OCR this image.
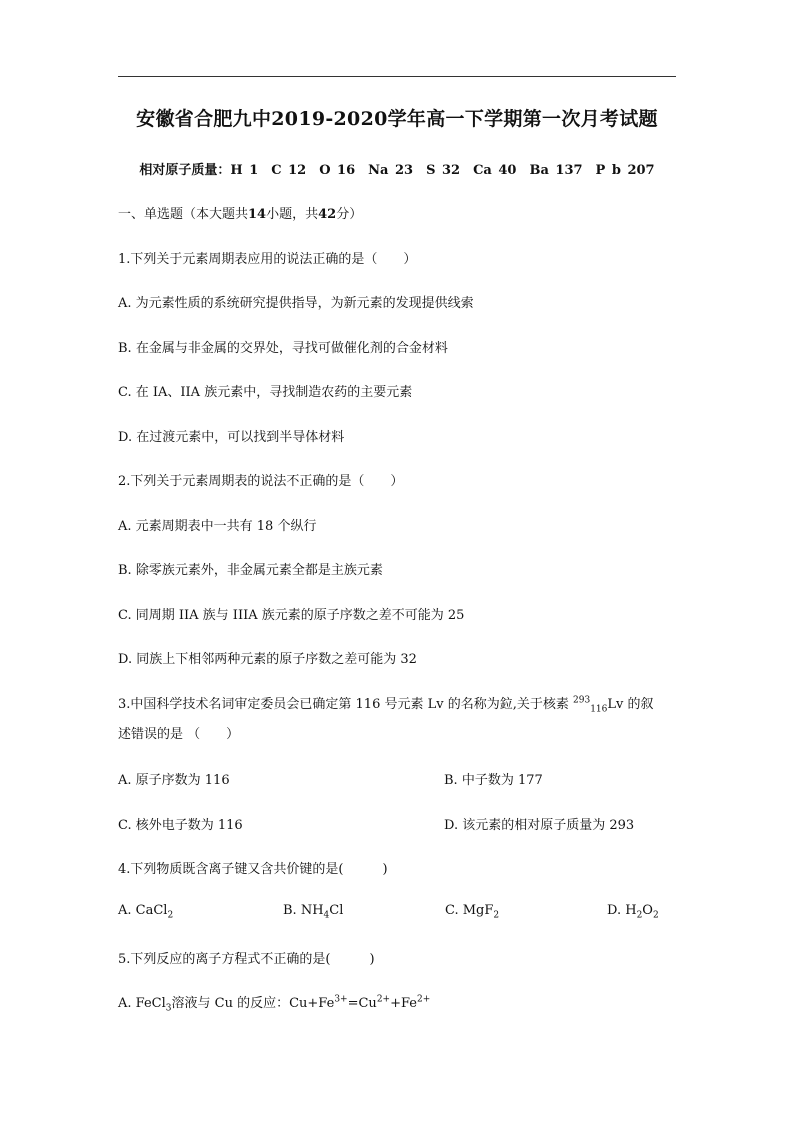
安徽省合肥九中2019-2020学年高一下学期第一次月考试题
相对原子质量：H 1　C 12　O 16　Na 23　S 32　Ca 40　Ba 137　P b 207
一、单选题（本大题共14小题，共42分）
1.下列关于元素周期表应用的说法正确的是（　　）
A. 为元素性质的系统研究提供指导，为新元素的发现提供线索
B. 在金属与非金属的交界处，寻找可做催化剂的合金材料
C. 在 IA、IIA 族元素中，寻找制造农药的主要元素
D. 在过渡元素中，可以找到半导体材料
2.下列关于元素周期表的说法不正确的是（　　）
A. 元素周期表中一共有 18 个纵行
B. 除零族元素外，非金属元素全都是主族元素
C. 同周期 IIA 族与 IIIA 族元素的原子序数之差不可能为 25
D. 同族上下相邻两种元素的原子序数之差可能为 32
3.中国科学技术名词审定委员会已确定第 116 号元素 Lv 的名称为鉝,关于核素 $^{293}_{116}$Lv 的叙
述错误的是 （　　）
A. 原子序数为 116	B. 中子数为 177
C. 核外电子数为 116	D. 该元素的相对原子质量为 293
4.下列物质既含离子键又含共价键的是(　　　)
A. CaCl$_2$	B. $NH_4Cl$	C. MgF$_2$	D. $H_2O_2$
5.下列反应的离子方程式不正确的是(　　　)
A. FeCl$_3$溶液与 Cu 的反应：$Cu+Fe^{3+}=Cu^{2+}+Fe^{2+}$
